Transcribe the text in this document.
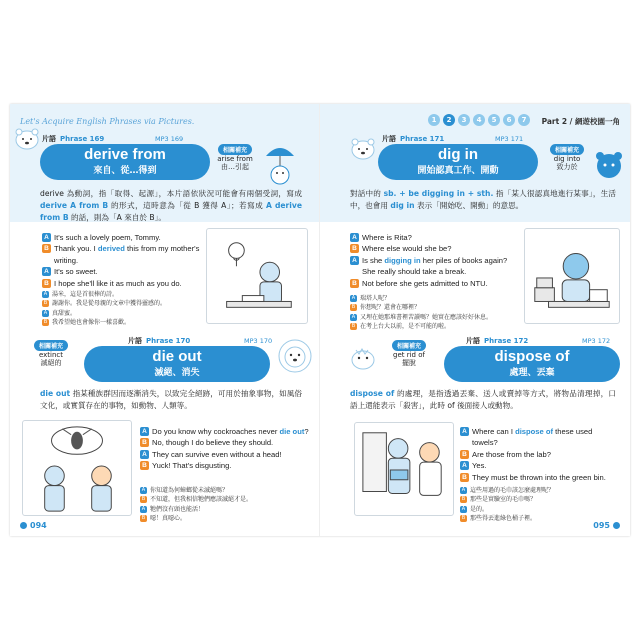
Let's Acquire English Phrases via Pictures.
片語 Phrase 169	MP3 169
derive from
來自、從…得到
相關補充
arise from
由…引起

derive 為動詞，指「取得、起源」，本片語依狀況可能會有兩個受詞，寫成 derive A from B 的形式，這時意為「從 B 獲得 A」；若寫成 A derive from B 的話，則為「A 來自於 B」。

A It's such a lovely poem, Tommy.
B Thank you. I derived this from my mother's writing.
A It's so sweet.
B I hope she'll like it as much as you do.
A 湯米，這是首很棒的詩。
B 謝謝你。我是從母親的文章中獲得靈感的。
A 真甜蜜。
B 我希望她也會像你一樣喜歡。
片語 Phrase 170	MP3 170
相關補充
extinct
滅絕的	die out
滅絕、消失

die out 指某種族群因而逐漸消失，以致完全絕跡，可用於抽象事物，如風俗文化，或實質存在的事物，如動物、人類等。

A Do you know why cockroaches never die out?
B No, though I do believe they should.
A They can survive even without a head!
B Yuck! That's disgusting.
A 你知道為何蟑螂從未滅絕嗎？
B 不知道，但我相信牠們應該滅絕才是。
A 牠們沒有頭也能活！
B 噁！真噁心。
094
1	2	3	4	5	6	7	Part 2 / 網遊校園一角
片語 Phrase 171	MP3 171
dig in
開始認真工作、開動
相關補充
dig into
致力於

對話中的 sb. + be digging in + sth. 指「某人很認真地進行某事」，生活中，也會用 dig in 表示「開始吃、開動」的意思。

A Where is Rita?
B Where else would she be?
A Is she digging in her piles of books again? She really should take a break.
B Not before she gets admitted to NTU.
A 瑞塔人呢？
B 你想呢？還會在哪裡？
A 又埋在她那堆書裡苦讀嗎？她實在應該好好休息。
B 在考上台大以前，是不可能的啦。
片語 Phrase 172	MP3 172
相關補充
get rid of
擺脫	dispose of
處理、丟棄

dispose of 的處理，是指透過丟棄、送人或賣掉等方式，將物品清理掉，口語上還能表示「殺害」，此時 of 後面接人或動物。

A Where can I dispose of these used towels?
B Are those from the lab?
A Yes.
B They must be thrown into the green bin.
A 這些用過的毛巾該怎麼處理呢？
B 那些是實驗室的毛巾嗎？
A 是的。
B 那些得丟進綠色桶子裡。
095
